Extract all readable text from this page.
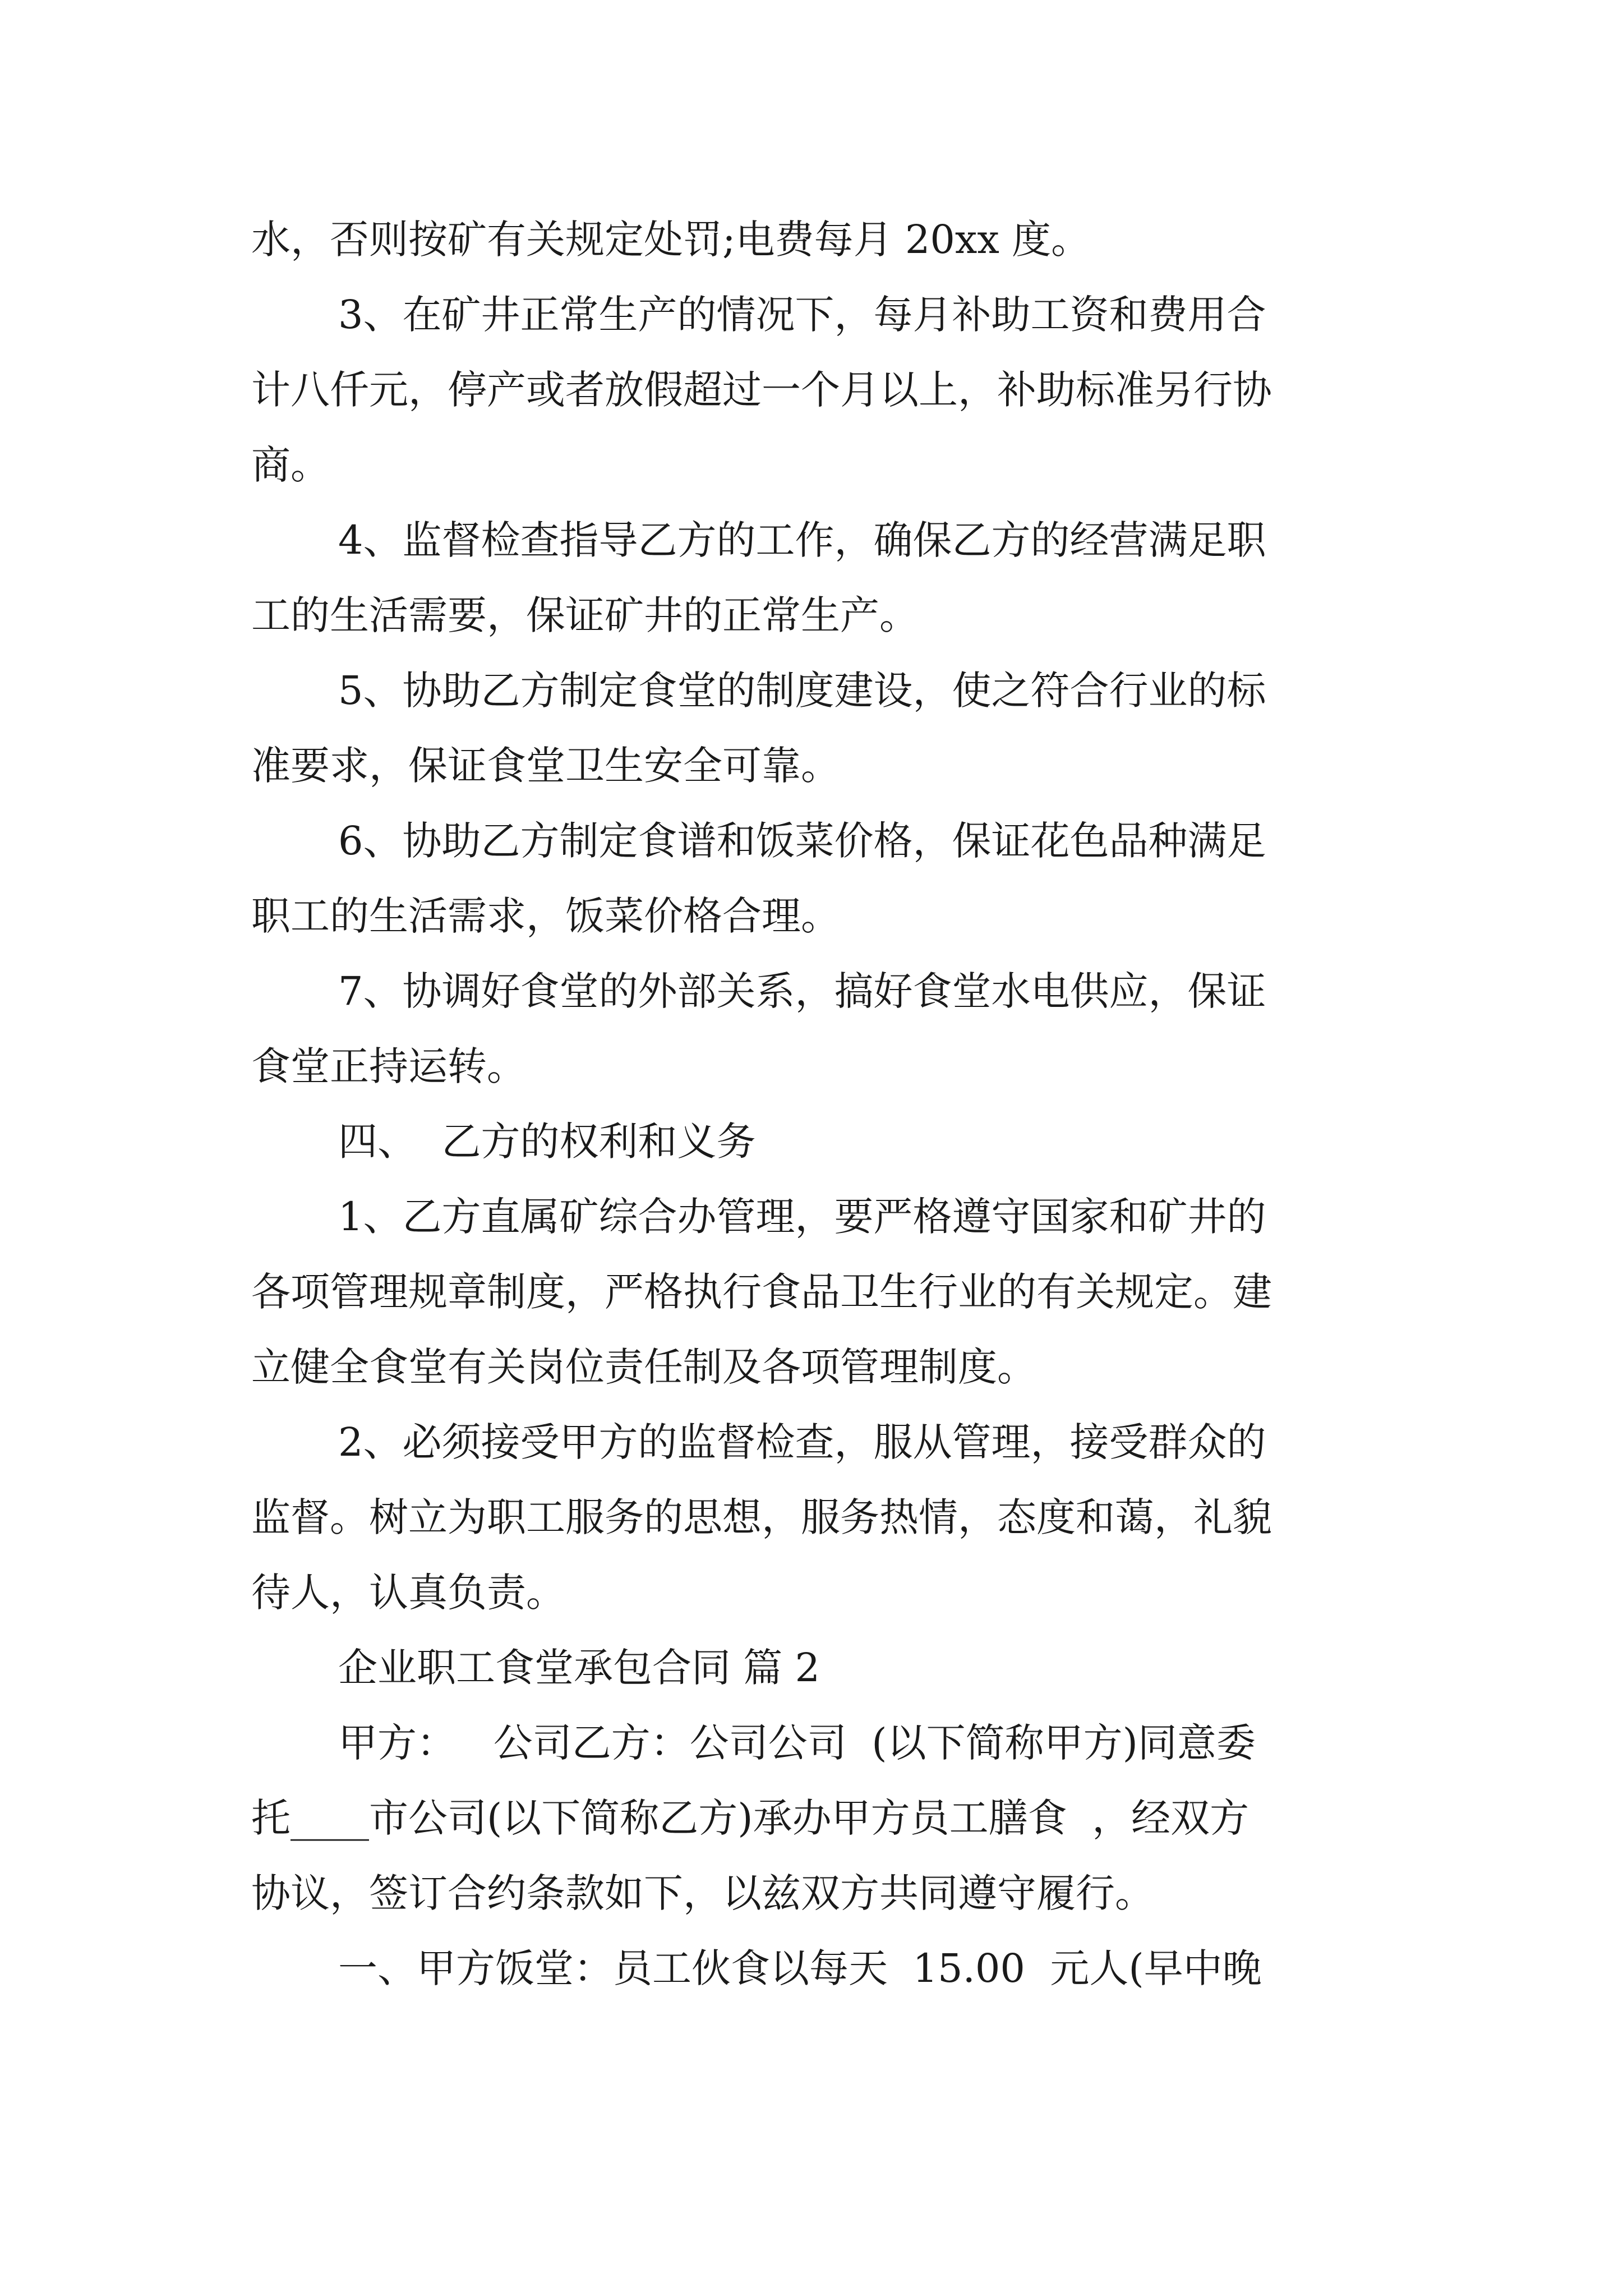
水，否则按矿有关规定处罚;电费每月 20xx 度。
3、在矿井正常生产的情况下，每月补助工资和费用合
计八仟元，停产或者放假超过一个月以上，补助标准另行协
商。
4、监督检查指导乙方的工作，确保乙方的经营满足职
工的生活需要，保证矿井的正常生产。
5、协助乙方制定食堂的制度建设，使之符合行业的标
准要求，保证食堂卫生安全可靠。
6、协助乙方制定食谱和饭菜价格，保证花色品种满足
职工的生活需求，饭菜价格合理。
7、协调好食堂的外部关系，搞好食堂水电供应，保证
食堂正持运转。
四、  乙方的权利和义务
1、乙方直属矿综合办管理，要严格遵守国家和矿井的
各项管理规章制度，严格执行食品卫生行业的有关规定。建
立健全食堂有关岗位责任制及各项管理制度。
2、必须接受甲方的监督检查，服从管理，接受群众的
监督。树立为职工服务的思想，服务热情，态度和蔼，礼貌
待人，认真负责。
企业职工食堂承包合同 篇 2
甲方：   公司乙方：公司公司  (以下简称甲方)同意委
托____市公司(以下简称乙方)承办甲方员工膳食  ，经双方
协议，签订合约条款如下，以兹双方共同遵守履行。
一、甲方饭堂：员工伙食以每天  15.00  元人(早中晚
